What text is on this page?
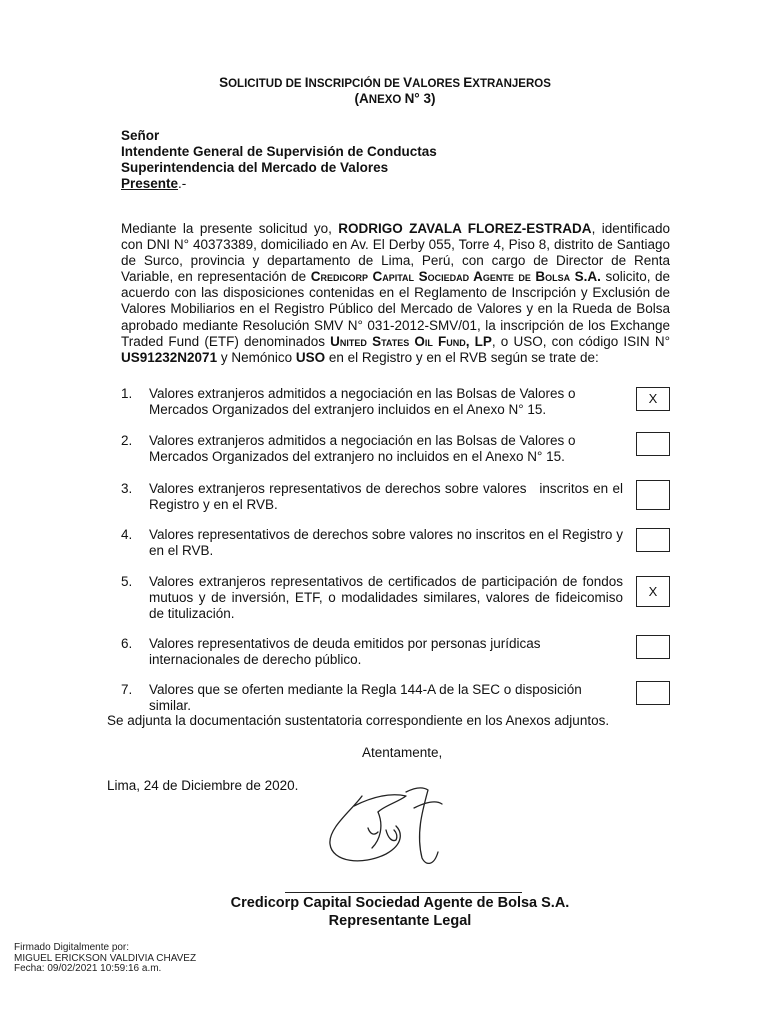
SOLICITUD DE INSCRIPCIÓN DE VALORES EXTRANJEROS
(ANEXO N° 3)
Señor
Intendente General de Supervisión de Conductas
Superintendencia del Mercado de Valores
Presente.-
Mediante la presente solicitud yo, RODRIGO ZAVALA FLOREZ-ESTRADA, identificado con DNI N° 40373389, domiciliado en Av. El Derby 055, Torre 4, Piso 8, distrito de Santiago de Surco, provincia y departamento de Lima, Perú, con cargo de Director de Renta Variable, en representación de Credicorp Capital Sociedad Agente de Bolsa S.A. solicito, de acuerdo con las disposiciones contenidas en el Reglamento de Inscripción y Exclusión de Valores Mobiliarios en el Registro Público del Mercado de Valores y en la Rueda de Bolsa aprobado mediante Resolución SMV N° 031-2012-SMV/01, la inscripción de los Exchange Traded Fund (ETF) denominados United States Oil Fund, LP, o USO, con código ISIN N° US91232N2071 y Nemónico USO en el Registro y en el RVB según se trate de:
1. Valores extranjeros admitidos a negociación en las Bolsas de Valores o Mercados Organizados del extranjero incluidos en el Anexo N° 15.
X
2. Valores extranjeros admitidos a negociación en las Bolsas de Valores o Mercados Organizados del extranjero no incluidos en el Anexo N° 15.
3. Valores extranjeros representativos de derechos sobre valores   inscritos en el Registro y en el RVB.
4. Valores representativos de derechos sobre valores no inscritos en el Registro y en el RVB.
5. Valores extranjeros representativos de certificados de participación de fondos mutuos y de inversión, ETF, o modalidades similares, valores de fideicomiso de titulización.
X
6. Valores representativos de deuda emitidos por personas jurídicas internacionales de derecho público.
7. Valores que se oferten mediante la Regla 144-A de la SEC o disposición similar.
Se adjunta la documentación sustentatoria correspondiente en los Anexos adjuntos.
Atentamente,
Lima, 24 de Diciembre de 2020.
Credicorp Capital Sociedad Agente de Bolsa S.A.
Representante Legal
Firmado Digitalmente por:
MIGUEL ERICKSON VALDIVIA CHAVEZ
Fecha: 09/02/2021 10:59:16 a.m.
